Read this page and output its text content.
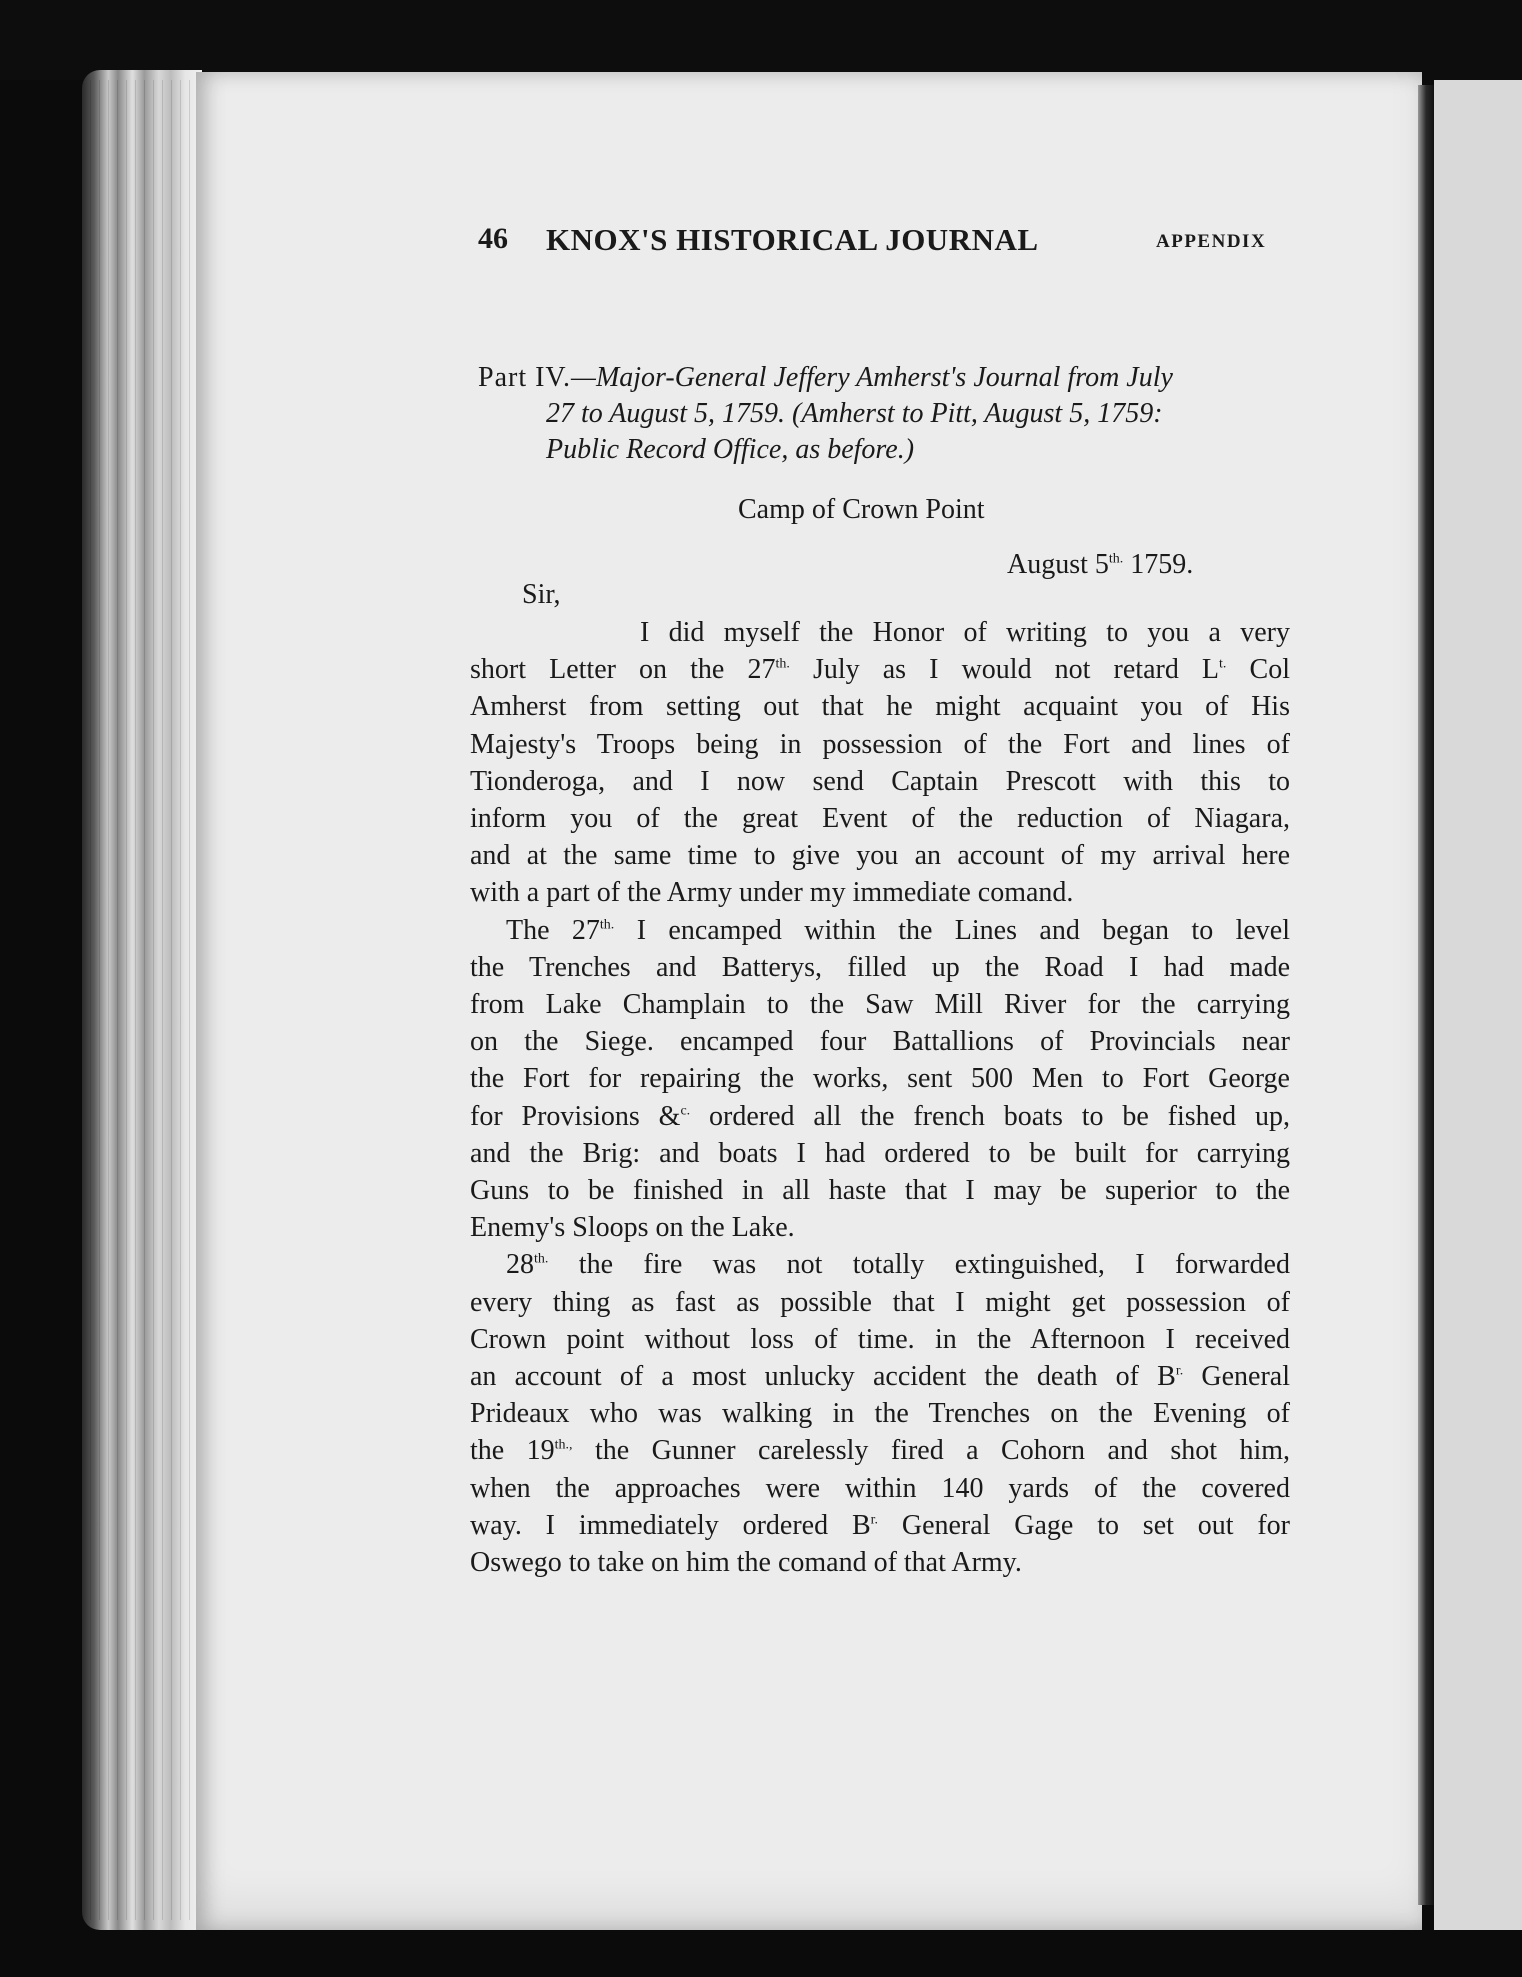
46 KNOX'S HISTORICAL JOURNAL	APPENDIX
Part IV.—Major-General Jeffery Amherst's Journal from July
27 to August 5, 1759. (Amherst to Pitt, August 5, 1759:
Public Record Office, as before.)
Camp of Crown Point
August $5^{th.}$ 1759.
Sir,
I did myself the Honor of writing to you a very
short Letter on the $27^{th.}$ July as I would not retard $L^{t.}$ Col
Amherst from setting out that he might acquaint you of His
Majesty's Troops being in possession of the Fort and lines of
Tionderoga, and I now send Captain Prescott with this to
inform you of the great Event of the reduction of Niagara,
and at the same time to give you an account of my arrival here
with a part of the Army under my immediate comand.
The $27^{th.}$ I encamped within the Lines and began to level
the Trenches and Batterys, filled up the Road I had made
from Lake Champlain to the Saw Mill River for the carrying
on the Siege. encamped four Battallions of Provincials near
the Fort for repairing the works, sent 500 Men to Fort George
for Provisions &$^{c.}$ ordered all the french boats to be fished up,
and the Brig: and boats I had ordered to be built for carrying
Guns to be finished in all haste that I may be superior to the
Enemy's Sloops on the Lake.
$28^{th.}$ the fire was not totally extinguished, I forwarded
every thing as fast as possible that I might get possession of
Crown point without loss of time. in the Afternoon I received
an account of a most unlucky accident the death of $B^{r.}$ General
Prideaux who was walking in the Trenches on the Evening of
the $19^{th.,}$ the Gunner carelessly fired a Cohorn and shot him,
when the approaches were within 140 yards of the covered
way. I immediately ordered $B^{r.}$ General Gage to set out for
Oswego to take on him the comand of that Army.
